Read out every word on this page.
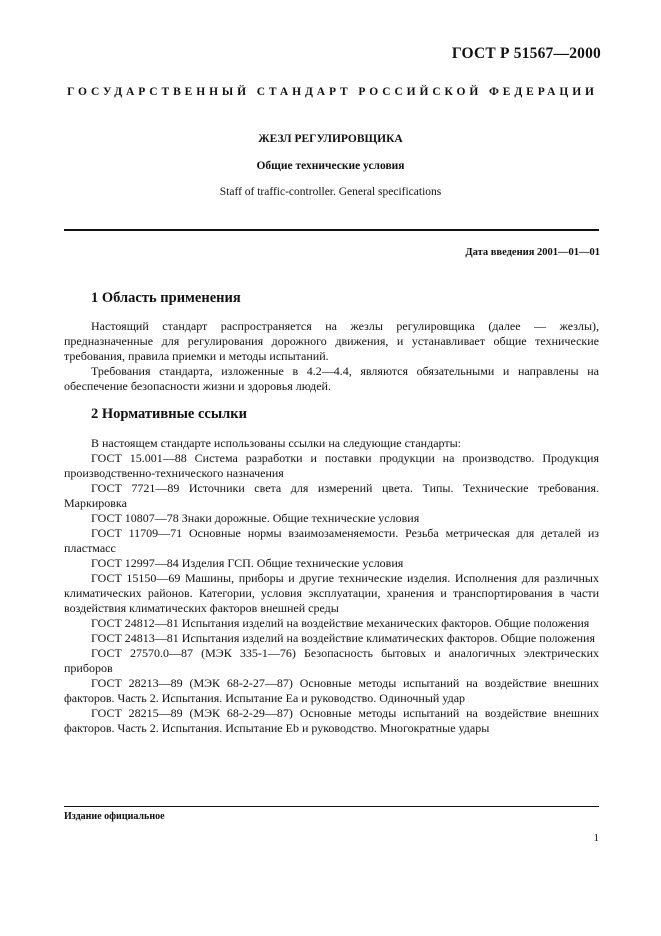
ГОСТ Р 51567—2000
ГОСУДАРСТВЕННЫЙ СТАНДАРТ РОССИЙСКОЙ ФЕДЕРАЦИИ
ЖЕЗЛ РЕГУЛИРОВЩИКА
Общие технические условия
Staff of traffic-controller. General specifications
Дата введения 2001—01—01
1 Область применения

Настоящий стандарт распространяется на жезлы регулировщика (далее — жезлы), предназначенные для регулирования дорожного движения, и устанавливает общие технические требования, правила приемки и методы испытаний.

Требования стандарта, изложенные в 4.2—4.4, являются обязательными и направлены на обеспечение безопасности жизни и здоровья людей.

2 Нормативные ссылки

В настоящем стандарте использованы ссылки на следующие стандарты:

ГОСТ 15.001—88 Система разработки и поставки продукции на производство. Продукция производственно-технического назначения

ГОСТ 7721—89 Источники света для измерений цвета. Типы. Технические требования. Маркировка

ГОСТ 10807—78 Знаки дорожные. Общие технические условия

ГОСТ 11709—71 Основные нормы взаимозаменяемости. Резьба метрическая для деталей из пластмасс

ГОСТ 12997—84 Изделия ГСП. Общие технические условия

ГОСТ 15150—69 Машины, приборы и другие технические изделия. Исполнения для различных климатических районов. Категории, условия эксплуатации, хранения и транспортирования в части воздействия климатических факторов внешней среды

ГОСТ 24812—81 Испытания изделий на воздействие механических факторов. Общие положения

ГОСТ 24813—81 Испытания изделий на воздействие климатических факторов. Общие положения

ГОСТ 27570.0—87 (МЭК 335-1—76) Безопасность бытовых и аналогичных электрических приборов

ГОСТ 28213—89 (МЭК 68-2-27—87) Основные методы испытаний на воздействие внешних факторов. Часть 2. Испытания. Испытание Еа и руководство. Одиночный удар

ГОСТ 28215—89 (МЭК 68-2-29—87) Основные методы испытаний на воздействие внешних факторов. Часть 2. Испытания. Испытание Eb и руководство. Многократные удары

Издание официальное
1
